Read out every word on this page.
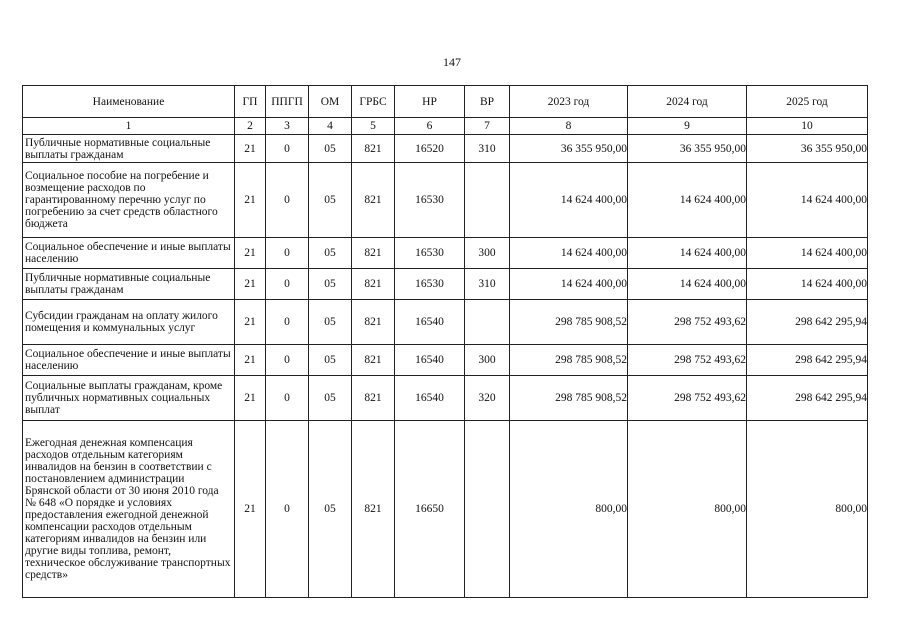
147
Наименование	ГП	ППГП	ОМ	ГРБС	НР	ВР	2023 год	2024 год	2025 год
1	2	3	4	5	6	7	8	9	10
Публичные нормативные социальные выплаты гражданам	21	0	05	821	16520	310	36 355 950,00	36 355 950,00	36 355 950,00
Социальное пособие на погребение и возмещение расходов по гарантированному перечню услуг по погребению за счет средств областного бюджета	21	0	05	821	16530		14 624 400,00	14 624 400,00	14 624 400,00
Социальное обеспечение и иные выплаты населению	21	0	05	821	16530	300	14 624 400,00	14 624 400,00	14 624 400,00
Публичные нормативные социальные выплаты гражданам	21	0	05	821	16530	310	14 624 400,00	14 624 400,00	14 624 400,00
Субсидии гражданам на оплату жилого помещения и коммунальных услуг	21	0	05	821	16540		298 785 908,52	298 752 493,62	298 642 295,94
Социальное обеспечение и иные выплаты населению	21	0	05	821	16540	300	298 785 908,52	298 752 493,62	298 642 295,94
Социальные выплаты гражданам, кроме публичных нормативных социальных выплат	21	0	05	821	16540	320	298 785 908,52	298 752 493,62	298 642 295,94
Ежегодная денежная компенсация расходов отдельным категориям инвалидов на бензин в соответствии с постановлением администрации Брянской области от 30 июня 2010 года № 648 «О порядке и условиях предоставления ежегодной денежной компенсации расходов отдельным категориям инвалидов на бензин или другие виды топлива, ремонт, техническое обслуживание транспортных средств»	21	0	05	821	16650		800,00	800,00	800,00
